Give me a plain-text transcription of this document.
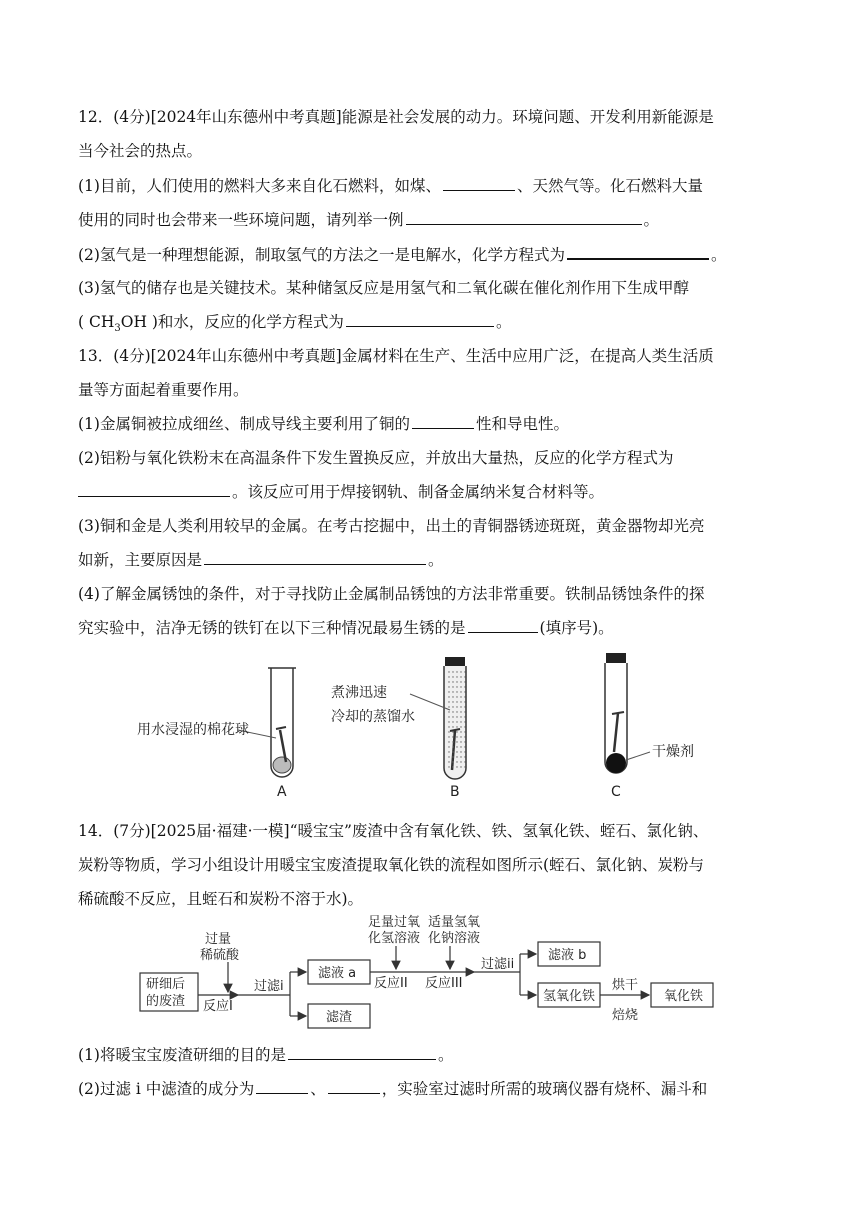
12．(4分)[2024年山东德州中考真题]能源是社会发展的动力。环境问题、开发利用新能源是
当今社会的热点。
(1)目前，人们使用的燃料大多来自化石燃料，如煤、	、天然气等。化石燃料大量
使用的同时也会带来一些环境问题，请列举一例	。
(2)氢气是一种理想能源，制取氢气的方法之一是电解水，化学方程式为	。
(3)氢气的储存也是关键技术。某种储氢反应是用氢气和二氧化碳在催化剂作用下生成甲醇
( $CH_3OH$ )和水，反应的化学方程式为	。
13．(4分)[2024年山东德州中考真题]金属材料在生产、生活中应用广泛，在提高人类生活质
量等方面起着重要作用。
(1)金属铜被拉成细丝、制成导线主要利用了铜的	性和导电性。
(2)铝粉与氧化铁粉末在高温条件下发生置换反应，并放出大量热，反应的化学方程式为
。该反应可用于焊接钢轨、制备金属纳米复合材料等。
(3)铜和金是人类利用较早的金属。在考古挖掘中，出土的青铜器锈迹斑斑，黄金器物却光亮
如新，主要原因是	。
(4)了解金属锈蚀的条件，对于寻找防止金属制品锈蚀的方法非常重要。铁制品锈蚀条件的探
究实验中，洁净无锈的铁钉在以下三种情况最易生锈的是	(填序号)。
用水浸湿的棉花球
A
煮沸迅速
冷却的蒸馏水
B
干燥剂
C
14．(7分)[2025届·福建·一模]“暖宝宝”废渣中含有氧化铁、铁、氢氧化铁、蛭石、氯化钠、
炭粉等物质，学习小组设计用暖宝宝废渣提取氧化铁的流程如图所示(蛭石、氯化钠、炭粉与
稀硫酸不反应，且蛭石和炭粉不溶于水)。
研细后
的废渣
过量
稀硫酸
反应I
过滤i
滤液 a
滤渣
足量过氧
化氢溶液
适量氢氧
化钠溶液
反应II 反应III
过滤ii
滤液 b
氢氧化铁
烘干
焙烧
氧化铁
(1)将暖宝宝废渣研细的目的是	。
(2)过滤 i 中滤渣的成分为	、	，实验室过滤时所需的玻璃仪器有烧杯、漏斗和
